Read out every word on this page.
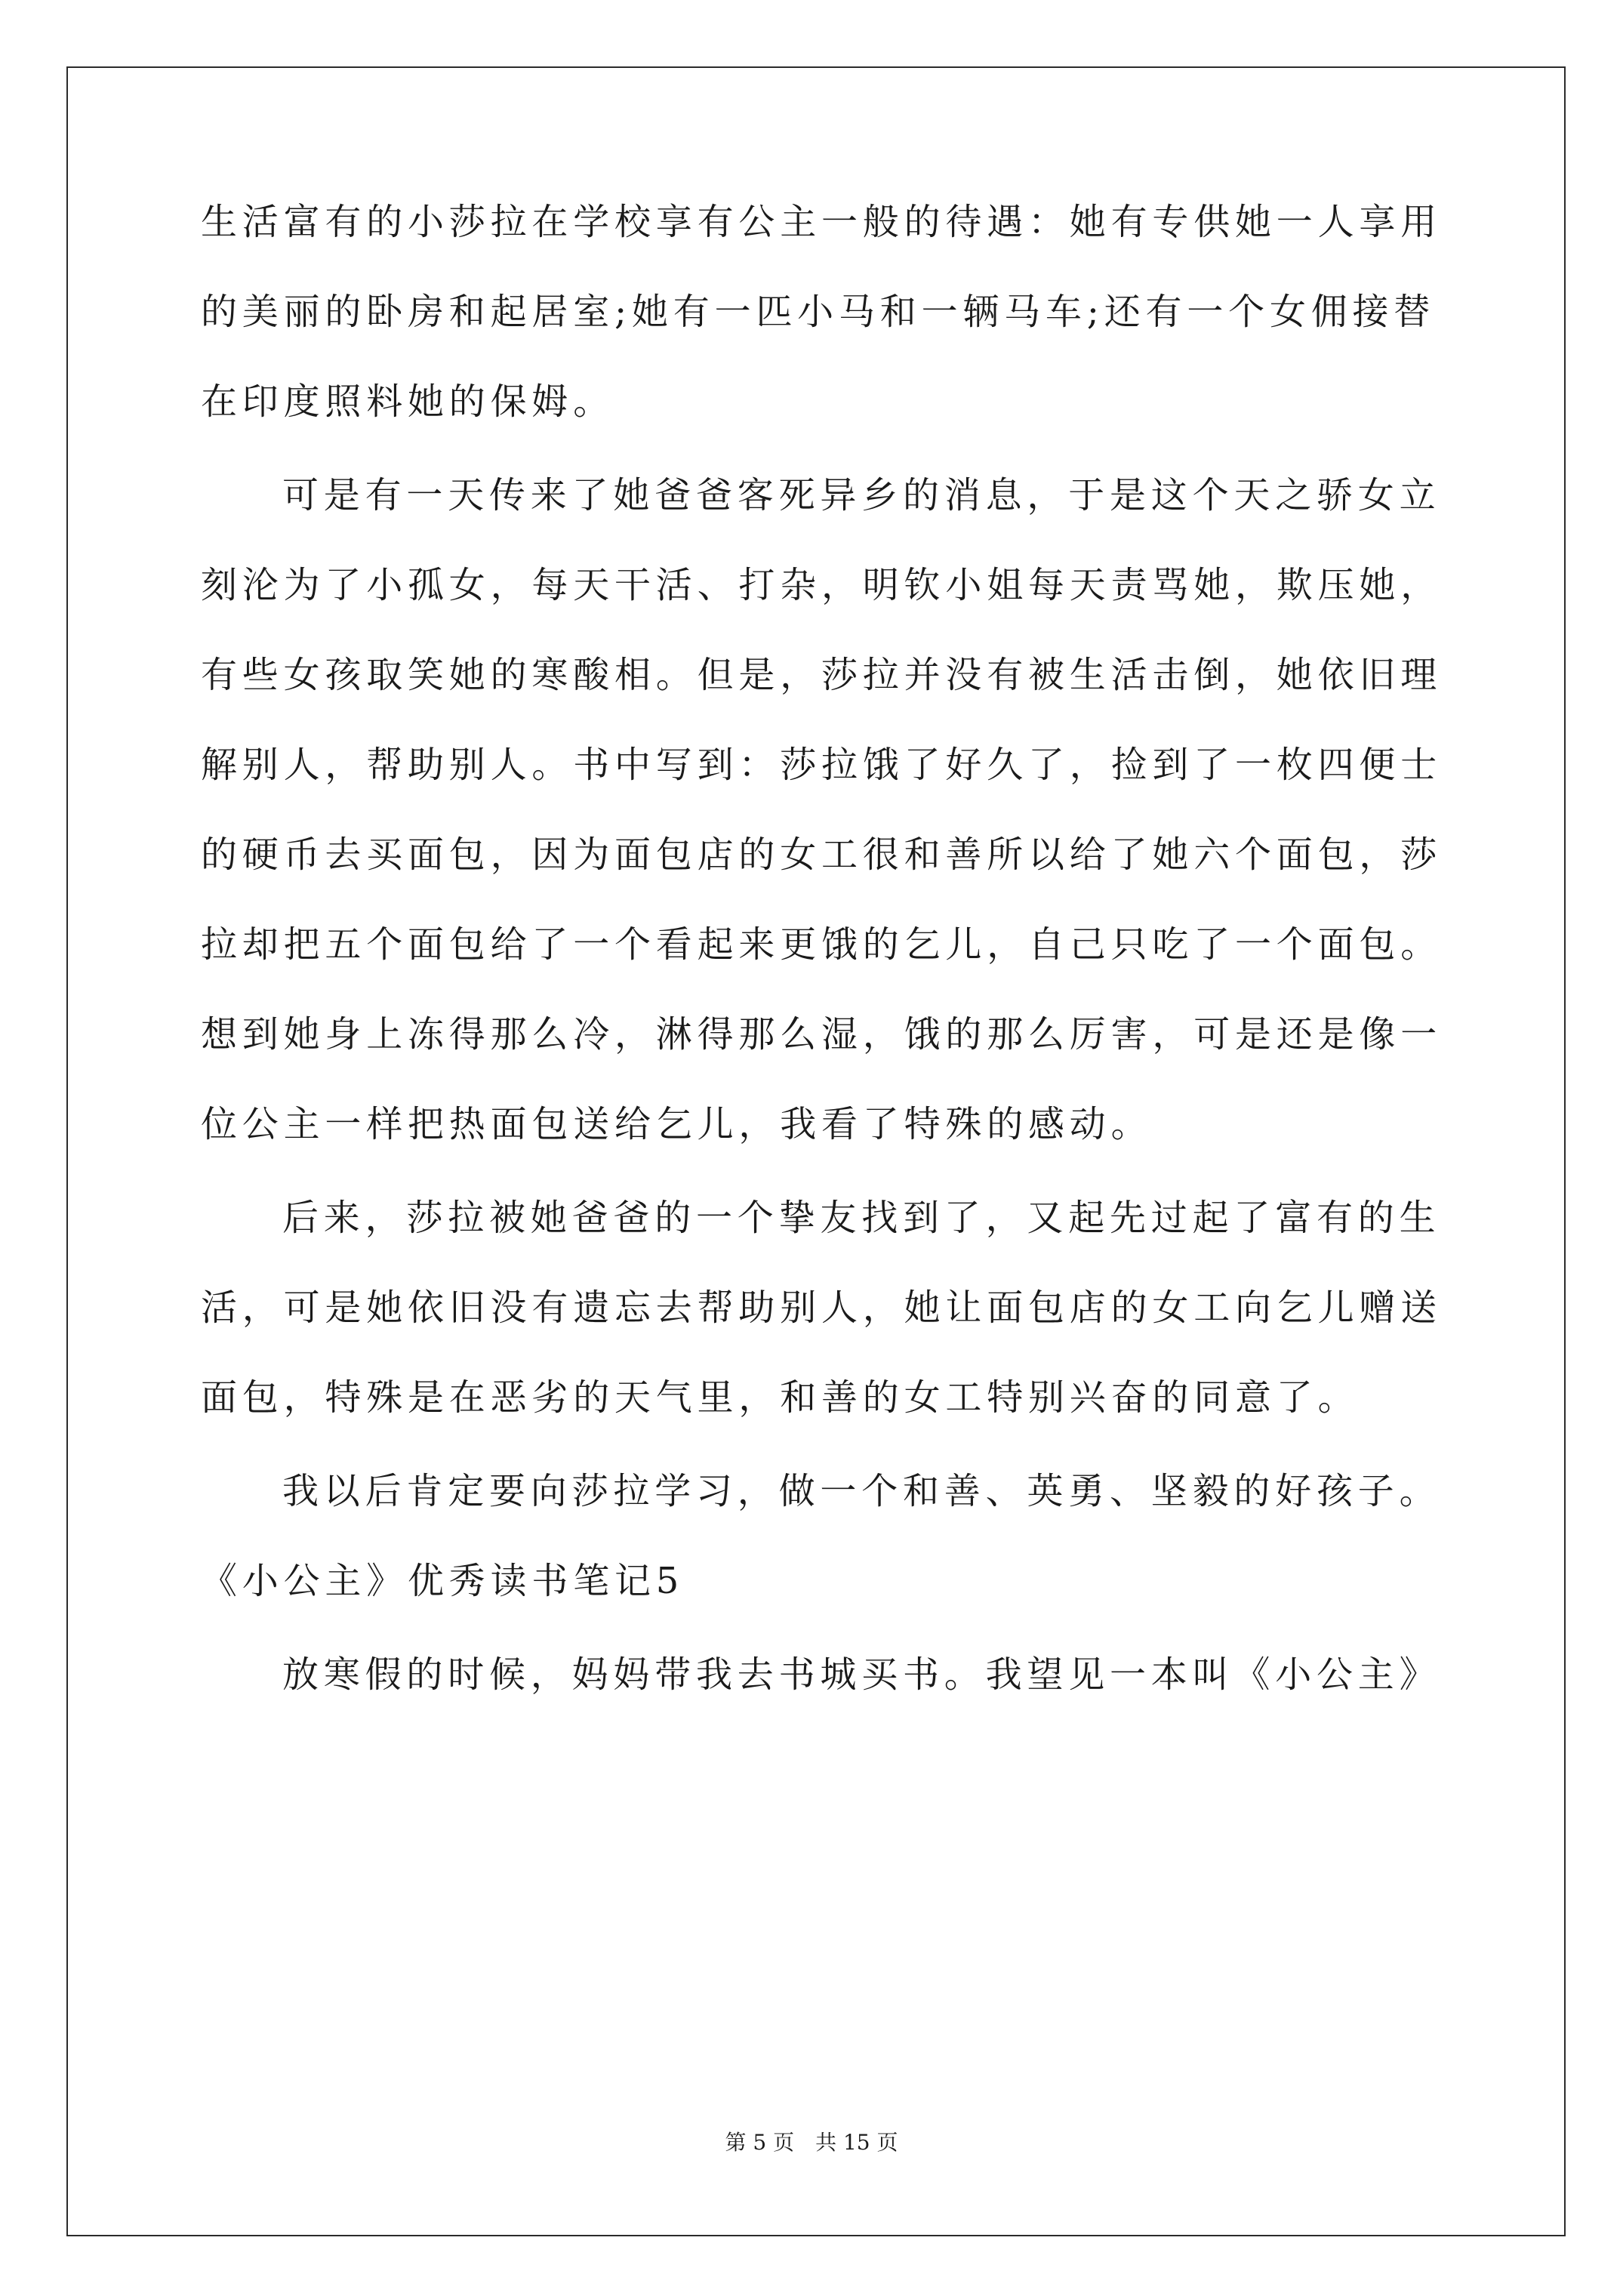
生活富有的小莎拉在学校享有公主一般的待遇：她有专供她一人享用
的美丽的卧房和起居室;她有一匹小马和一辆马车;还有一个女佣接替
在印度照料她的保姆。
可是有一天传来了她爸爸客死异乡的消息，于是这个天之骄女立
刻沦为了小孤女，每天干活、打杂，明钦小姐每天责骂她，欺压她，
有些女孩取笑她的寒酸相。但是，莎拉并没有被生活击倒，她依旧理
解别人，帮助别人。书中写到：莎拉饿了好久了，捡到了一枚四便士
的硬币去买面包，因为面包店的女工很和善所以给了她六个面包，莎
拉却把五个面包给了一个看起来更饿的乞儿，自己只吃了一个面包。
想到她身上冻得那么冷，淋得那么湿，饿的那么厉害，可是还是像一
位公主一样把热面包送给乞儿，我看了特殊的感动。
后来，莎拉被她爸爸的一个挚友找到了，又起先过起了富有的生
活，可是她依旧没有遗忘去帮助别人，她让面包店的女工向乞儿赠送
面包，特殊是在恶劣的天气里，和善的女工特别兴奋的同意了。
我以后肯定要向莎拉学习，做一个和善、英勇、坚毅的好孩子。
《小公主》优秀读书笔记5
放寒假的时候，妈妈带我去书城买书。我望见一本叫《小公主》
第 5 页　共 15 页
